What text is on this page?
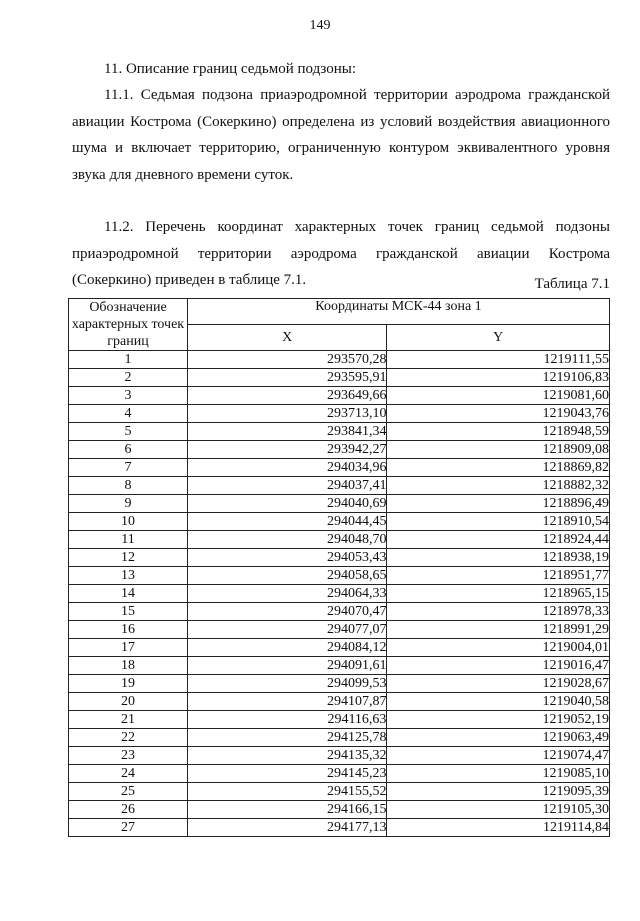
149
11. Описание границ седьмой подзоны:
11.1. Седьмая подзона приаэродромной территории аэродрома гражданской авиации Кострома (Сокеркино) определена из условий воздействия авиационного шума и включает территорию, ограниченную контуром эквивалентного уровня звука для дневного времени суток.
11.2. Перечень координат характерных точек границ седьмой подзоны приаэродромной территории аэродрома гражданской авиации Кострома (Сокеркино) приведен в таблице 7.1.	Таблица 7.1
Обозначение характерных точек границ	Координаты МСК-44 зона 1	
	X	Y
1	293570,28	1219111,55
2	293595,91	1219106,83
3	293649,66	1219081,60
4	293713,10	1219043,76
5	293841,34	1218948,59
6	293942,27	1218909,08
7	294034,96	1218869,82
8	294037,41	1218882,32
9	294040,69	1218896,49
10	294044,45	1218910,54
11	294048,70	1218924,44
12	294053,43	1218938,19
13	294058,65	1218951,77
14	294064,33	1218965,15
15	294070,47	1218978,33
16	294077,07	1218991,29
17	294084,12	1219004,01
18	294091,61	1219016,47
19	294099,53	1219028,67
20	294107,87	1219040,58
21	294116,63	1219052,19
22	294125,78	1219063,49
23	294135,32	1219074,47
24	294145,23	1219085,10
25	294155,52	1219095,39
26	294166,15	1219105,30
27	294177,13	1219114,84
